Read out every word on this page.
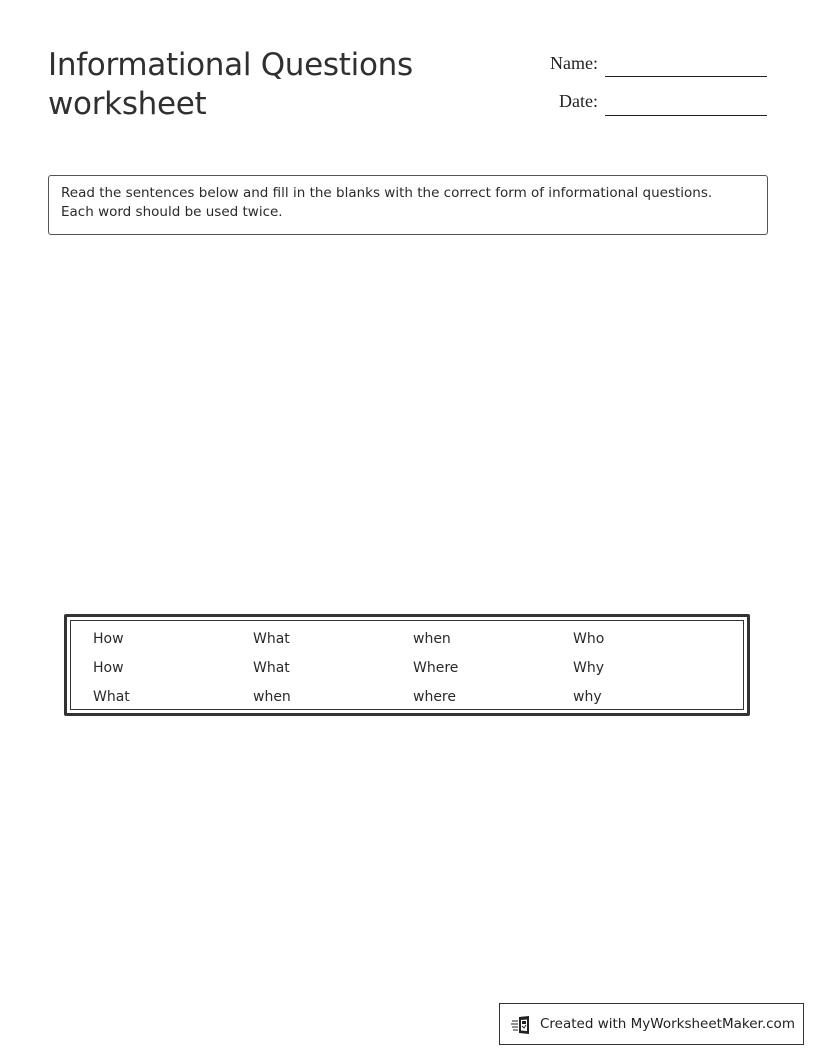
Informational Questions
worksheet
Name:
Date:
Read the sentences below and fill in the blanks with the correct form of informational questions.
Each word should be used twice.
How	What	when	Who
How	What	Where	Why
What	when	where	why
Created with MyWorksheetMaker.com
